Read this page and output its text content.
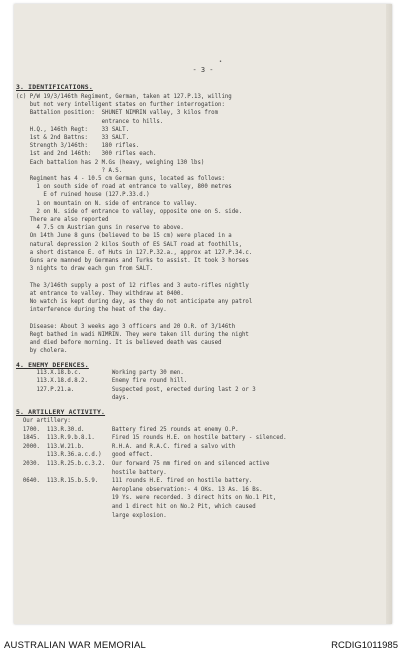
•
- 3 -
3. IDENTIFICATIONS.
(c) P/W 19/3/146th Regiment, German, taken at 127.P.13, willing
but not very intelligent states on further interrogation:
Battalion position:  SHUNET NIMRIN valley, 3 kilos from
entrance to hills.
H.Q., 146th Regt:    33 SALT.
1st & 2nd Battns:    33 SALT.
Strength 3/146th:    180 rifles.
1st and 2nd 146th:   300 rifles each.
Each battalion has 2 M.Gs (heavy, weighing 130 lbs)
? A.S.
Regiment has 4 - 10.5 cm German guns, located as follows:
1 on south side of road at entrance to valley, 800 metres
E of ruined house (127.P.33.d.)
1 on mountain on N. side of entrance to valley.
2 on N. side of entrance to valley, opposite one on S. side.
There are also reported
4 7.5 cm Austrian guns in reserve to above.
On 14th June 8 guns (believed to be 15 cm) were placed in a
natural depression 2 kilos South of ES SALT road at foothills,
a short distance E. of Huts in 127.P.32.a., approx at 127.P.34.c.
Guns are manned by Germans and Turks to assist. It took 3 horses
3 nights to draw each gun from SALT.
The 3/146th supply a post of 12 rifles and 3 auto-rifles nightly
at entrance to valley. They withdraw at 0400.
No watch is kept during day, as they do not anticipate any patrol
interference during the heat of the day.
Disease: About 3 weeks ago 3 officers and 20 O.R. of 3/146th
Regt bathed in wadi NIMRIN. They were taken ill during the night
and died before morning. It is believed death was caused
by cholera.
4. ENEMY DEFENCES.
113.X.18.b.c.         Working party 30 men.
113.X.18.d.8.2.       Enemy fire round hill.
127.P.21.a.           Suspected post, erected during last 2 or 3
days.
5. ARTILLERY ACTIVITY.
Our artillery:
1700.  113.R.30.d.        Battery fired 25 rounds at enemy O.P.
1845.  113.R.9.b.8.1.     Fired 15 rounds H.E. on hostile battery - silenced.
2000.  113.W.21.b.        R.H.A. and R.A.C. fired a salvo with
113.R.36.a.c.d.)   good effect.
2030.  113.R.25.b.c.3.2.  Our forward 75 mm fired on and silenced active
hostile battery.
0640.  113.R.15.b.5.9.    111 rounds H.E. fired on hostile battery.
Aeroplane observation:- 4 OKs. 13 As. 16 Bs.
19 Ys. were recorded. 3 direct hits on No.1 Pit,
and 1 direct hit on No.2 Pit, which caused
large explosion.
AUSTRALIAN WAR MEMORIAL	RCDIG1011985
